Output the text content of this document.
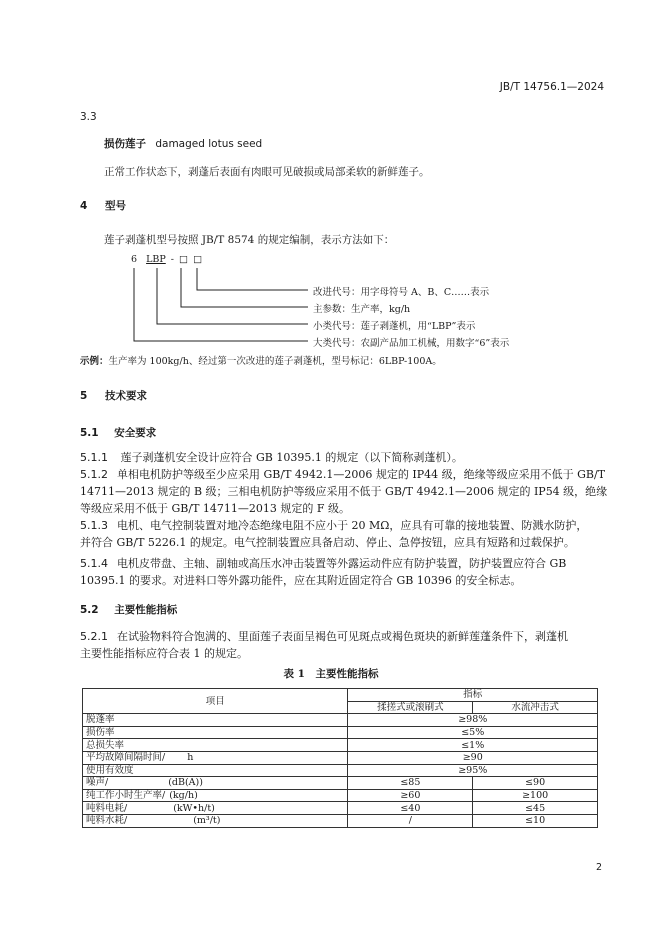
JB/T 14756.1—2024
3.3
损伤莲子 damaged lotus seed
正常工作状态下，剥蓬后表面有肉眼可见破损或局部柔软的新鲜莲子。
4 型号
莲子剥蓬机型号按照 JB/T 8574 的规定编制，表示方法如下：
6 LBP - □ □
改进代号：用字母符号 A、B、C……表示
主参数：生产率，kg/h
小类代号：莲子剥蓬机，用“LBP”表示
大类代号：农副产品加工机械，用数字“6”表示
示例：生产率为 100kg/h、经过第一次改进的莲子剥蓬机，型号标记：6LBP-100A。
5 技术要求
5.1 安全要求
5.1.1 莲子剥蓬机安全设计应符合 GB 10395.1 的规定（以下简称剥蓬机）。
5.1.2 单相电机防护等级至少应采用 GB/T 4942.1—2006 规定的 IP44 级，绝缘等级应采用不低于 GB/T
14711—2013 规定的 B 级；三相电机防护等级应采用不低于 GB/T 4942.1—2006 规定的 IP54 级，绝缘
等级应采用不低于 GB/T 14711—2013 规定的 F 级。
5.1.3 电机、电气控制装置对地冷态绝缘电阻不应小于 20 MΩ，应具有可靠的接地装置、防溅水防护，
并符合 GB/T 5226.1 的规定。电气控制装置应具备启动、停止、急停按钮，应具有短路和过载保护。
5.1.4 电机皮带盘、主轴、副轴或高压水冲击装置等外露运动件应有防护装置，防护装置应符合 GB
10395.1 的要求。对进料口等外露功能件，应在其附近固定符合 GB 10396 的安全标志。
5.2 主要性能指标
5.2.1 在试验物料符合饱满的、里面莲子表面呈褐色可见斑点或褐色斑块的新鲜莲蓬条件下，剥蓬机
主要性能指标应符合表 1 的规定。
表 1　主要性能指标
项目	指标	
	揉搓式或滚刷式	水流冲击式
脱蓬率	≥98%	
损伤率	≤5%	
总损失率	≤1%	
平均故障间隔时间/ h	≥90	
使用有效度	≥95%	
噪声/ (dB(A))	≤85	≤90
纯工作小时生产率/ (kg/h)	≥60	≥100
吨料电耗/ (kW•h/t)	≤40	≤45
吨料水耗/ (m³/t)	/	≤10
2
